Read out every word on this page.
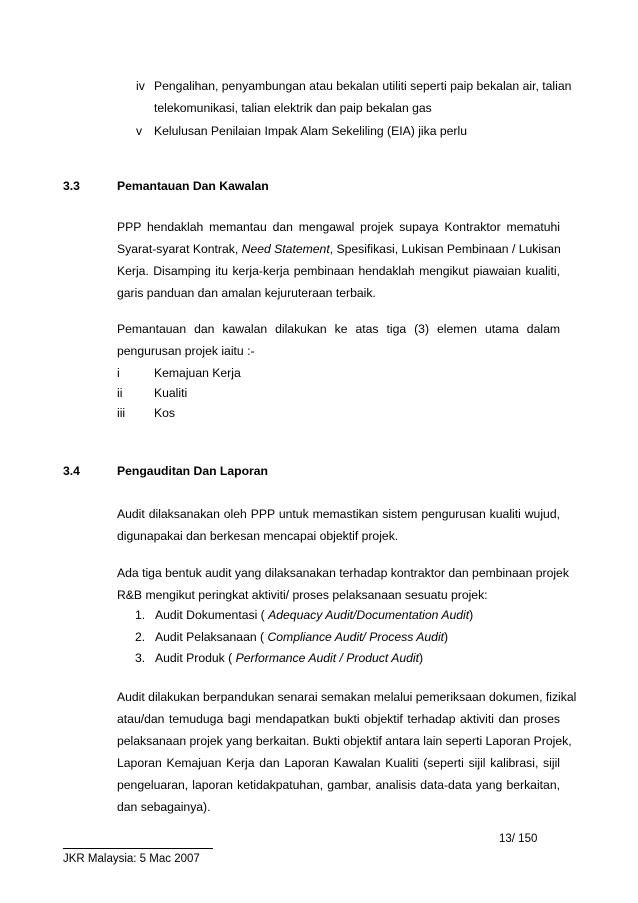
iv Pengalihan, penyambungan atau bekalan utiliti seperti paip bekalan air, talian
telekomunikasi, talian elektrik dan paip bekalan gas
v Kelulusan Penilaian Impak Alam Sekeliling (EIA) jika perlu
3.3	Pemantauan Dan Kawalan
PPP hendaklah memantau dan mengawal projek supaya Kontraktor mematuhi
Syarat-syarat Kontrak, Need Statement, Spesifikasi, Lukisan Pembinaan / Lukisan
Kerja. Disamping itu kerja-kerja pembinaan hendaklah mengikut piawaian kualiti,
garis panduan dan amalan kejuruteraan terbaik.
Pemantauan dan kawalan dilakukan ke atas tiga (3) elemen utama dalam
pengurusan projek iaitu :-
i	Kemajuan Kerja
ii	Kualiti
iii Kos
3.4	Pengauditan Dan Laporan
Audit dilaksanakan oleh PPP untuk memastikan sistem pengurusan kualiti wujud,
digunapakai dan berkesan mencapai objektif projek.
Ada tiga bentuk audit yang dilaksanakan terhadap kontraktor dan pembinaan projek
R&B mengikut peringkat aktiviti/ proses pelaksanaan sesuatu projek:
1. Audit Dokumentasi ( Adequacy Audit/Documentation Audit)
2. Audit Pelaksanaan ( Compliance Audit/ Process Audit)
3. Audit Produk ( Performance Audit / Product Audit)
Audit dilakukan berpandukan senarai semakan melalui pemeriksaan dokumen, fizikal
atau/dan temuduga bagi mendapatkan bukti objektif terhadap aktiviti dan proses
pelaksanaan projek yang berkaitan. Bukti objektif antara lain seperti Laporan Projek,
Laporan Kemajuan Kerja dan Laporan Kawalan Kualiti (seperti sijil kalibrasi, sijil
pengeluaran, laporan ketidakpatuhan, gambar, analisis data-data yang berkaitan,
dan sebagainya).
13/ 150
JKR Malaysia: 5 Mac 2007
